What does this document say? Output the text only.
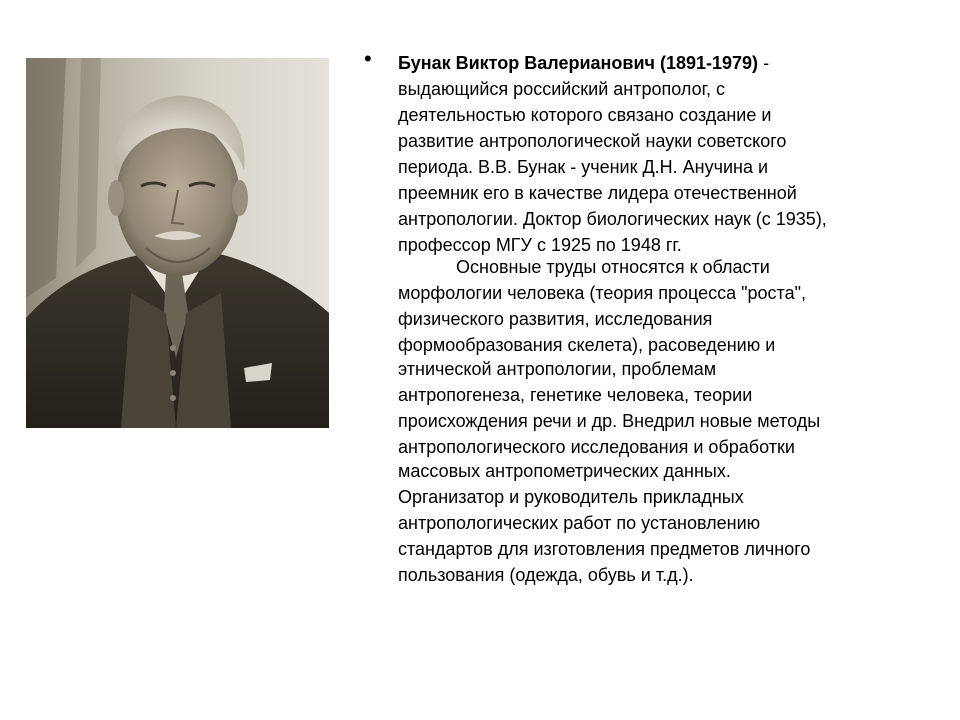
• Бунак Виктор Валерианович (1891-1979) -
выдающийся российский антрополог, с
деятельностью которого связано создание и
развитие антропологической науки советского
периода. В.В. Бунак - ученик Д.Н. Анучина и
преемник его в качестве лидера отечественной
антропологии. Доктор биологических наук (с 1935),
профессор МГУ с 1925 по 1948 гг.
Основные труды относятся к области
морфологии человека (теория процесса "роста",
физического развития, исследования
формообразования скелета), расоведению и
этнической антропологии, проблемам
антропогенеза, генетике человека, теории
происхождения речи и др. Внедрил новые методы
антропологического исследования и обработки
массовых антропометрических данных.
Организатор и руководитель прикладных
антропологических работ по установлению
стандартов для изготовления предметов личного
пользования (одежда, обувь и т.д.).
